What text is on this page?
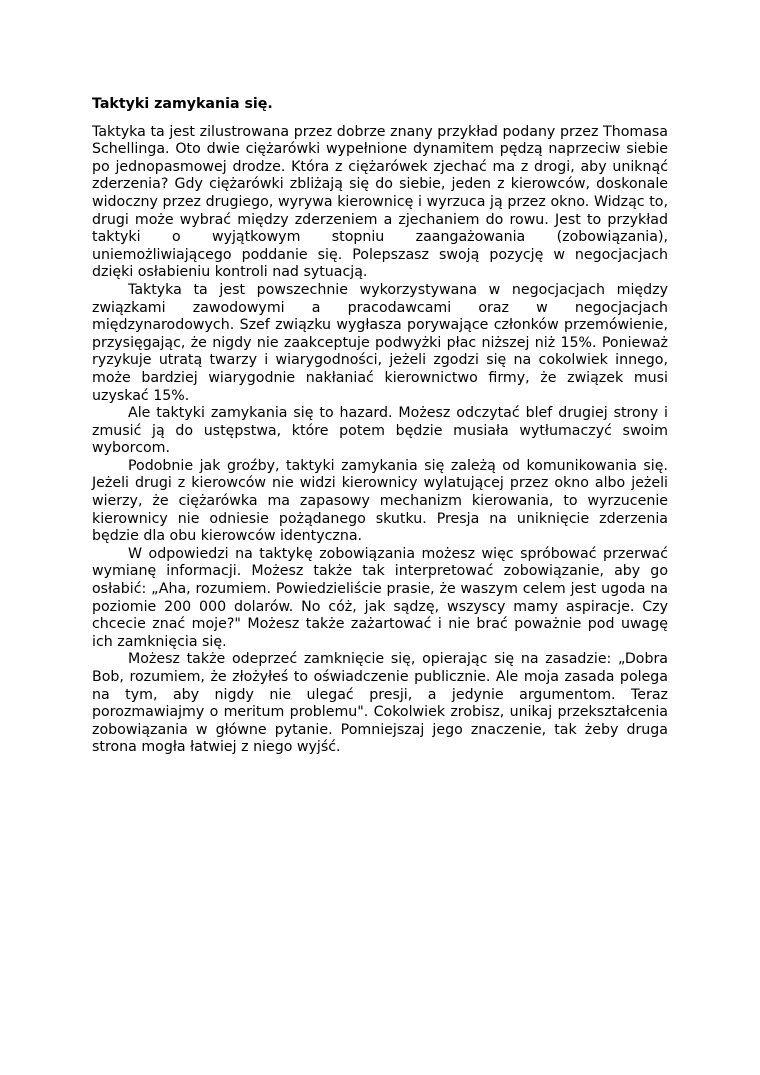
Taktyki zamykania się.

Taktyka ta jest zilustrowana przez dobrze znany przykład podany przez Thomasa Schellinga. Oto dwie ciężarówki wypełnione dynamitem pędzą naprzeciw siebie po jednopasmowej drodze. Która z ciężarówek zjechać ma z drogi, aby uniknąć zderzenia? Gdy ciężarówki zbliżają się do siebie, jeden z kierowców, doskonale widoczny przez drugiego, wyrywa kierownicę i wyrzuca ją przez okno. Widząc to, drugi może wybrać między zderzeniem a zjechaniem do rowu. Jest to przykład taktyki o wyjątkowym stopniu zaangażowania (zobowiązania), uniemożliwiającego poddanie się. Polepszasz swoją pozycję w negocjacjach dzięki osłabieniu kontroli nad sytuacją.

Taktyka ta jest powszechnie wykorzystywana w negocjacjach między związkami zawodowymi a pracodawcami oraz w negocjacjach międzynarodowych. Szef związku wygłasza porywające członków przemówienie, przysięgając, że nigdy nie zaakceptuje podwyżki płac niższej niż 15%. Ponieważ ryzykuje utratą twarzy i wiarygodności, jeżeli zgodzi się na cokolwiek innego, może bardziej wiarygodnie nakłaniać kierownictwo firmy, że związek musi uzyskać 15%.

Ale taktyki zamykania się to hazard. Możesz odczytać blef drugiej strony i zmusić ją do ustępstwa, które potem będzie musiała wytłumaczyć swoim wyborcom.

Podobnie jak groźby, taktyki zamykania się zależą od komunikowania się. Jeżeli drugi z kierowców nie widzi kierownicy wylatującej przez okno albo jeżeli wierzy, że ciężarówka ma zapasowy mechanizm kierowania, to wyrzucenie kierownicy nie odniesie pożądanego skutku. Presja na uniknięcie zderzenia będzie dla obu kierowców identyczna.

W odpowiedzi na taktykę zobowiązania możesz więc spróbować przerwać wymianę informacji. Możesz także tak interpretować zobowiązanie, aby go osłabić: „Aha, rozumiem. Powiedzieliście prasie, że waszym celem jest ugoda na poziomie 200 000 dolarów. No cóż, jak sądzę, wszyscy mamy aspiracje. Czy chcecie znać moje?" Możesz także zażartować i nie brać poważnie pod uwagę ich zamknięcia się.

Możesz także odeprzeć zamknięcie się, opierając się na zasadzie: „Dobra Bob, rozumiem, że złożyłeś to oświadczenie publicznie. Ale moja zasada polega na tym, aby nigdy nie ulegać presji, a jedynie argumentom. Teraz porozmawiajmy o meritum problemu". Cokolwiek zrobisz, unikaj przekształcenia zobowiązania w główne pytanie. Pomniejszaj jego znaczenie, tak żeby druga strona mogła łatwiej z niego wyjść.
